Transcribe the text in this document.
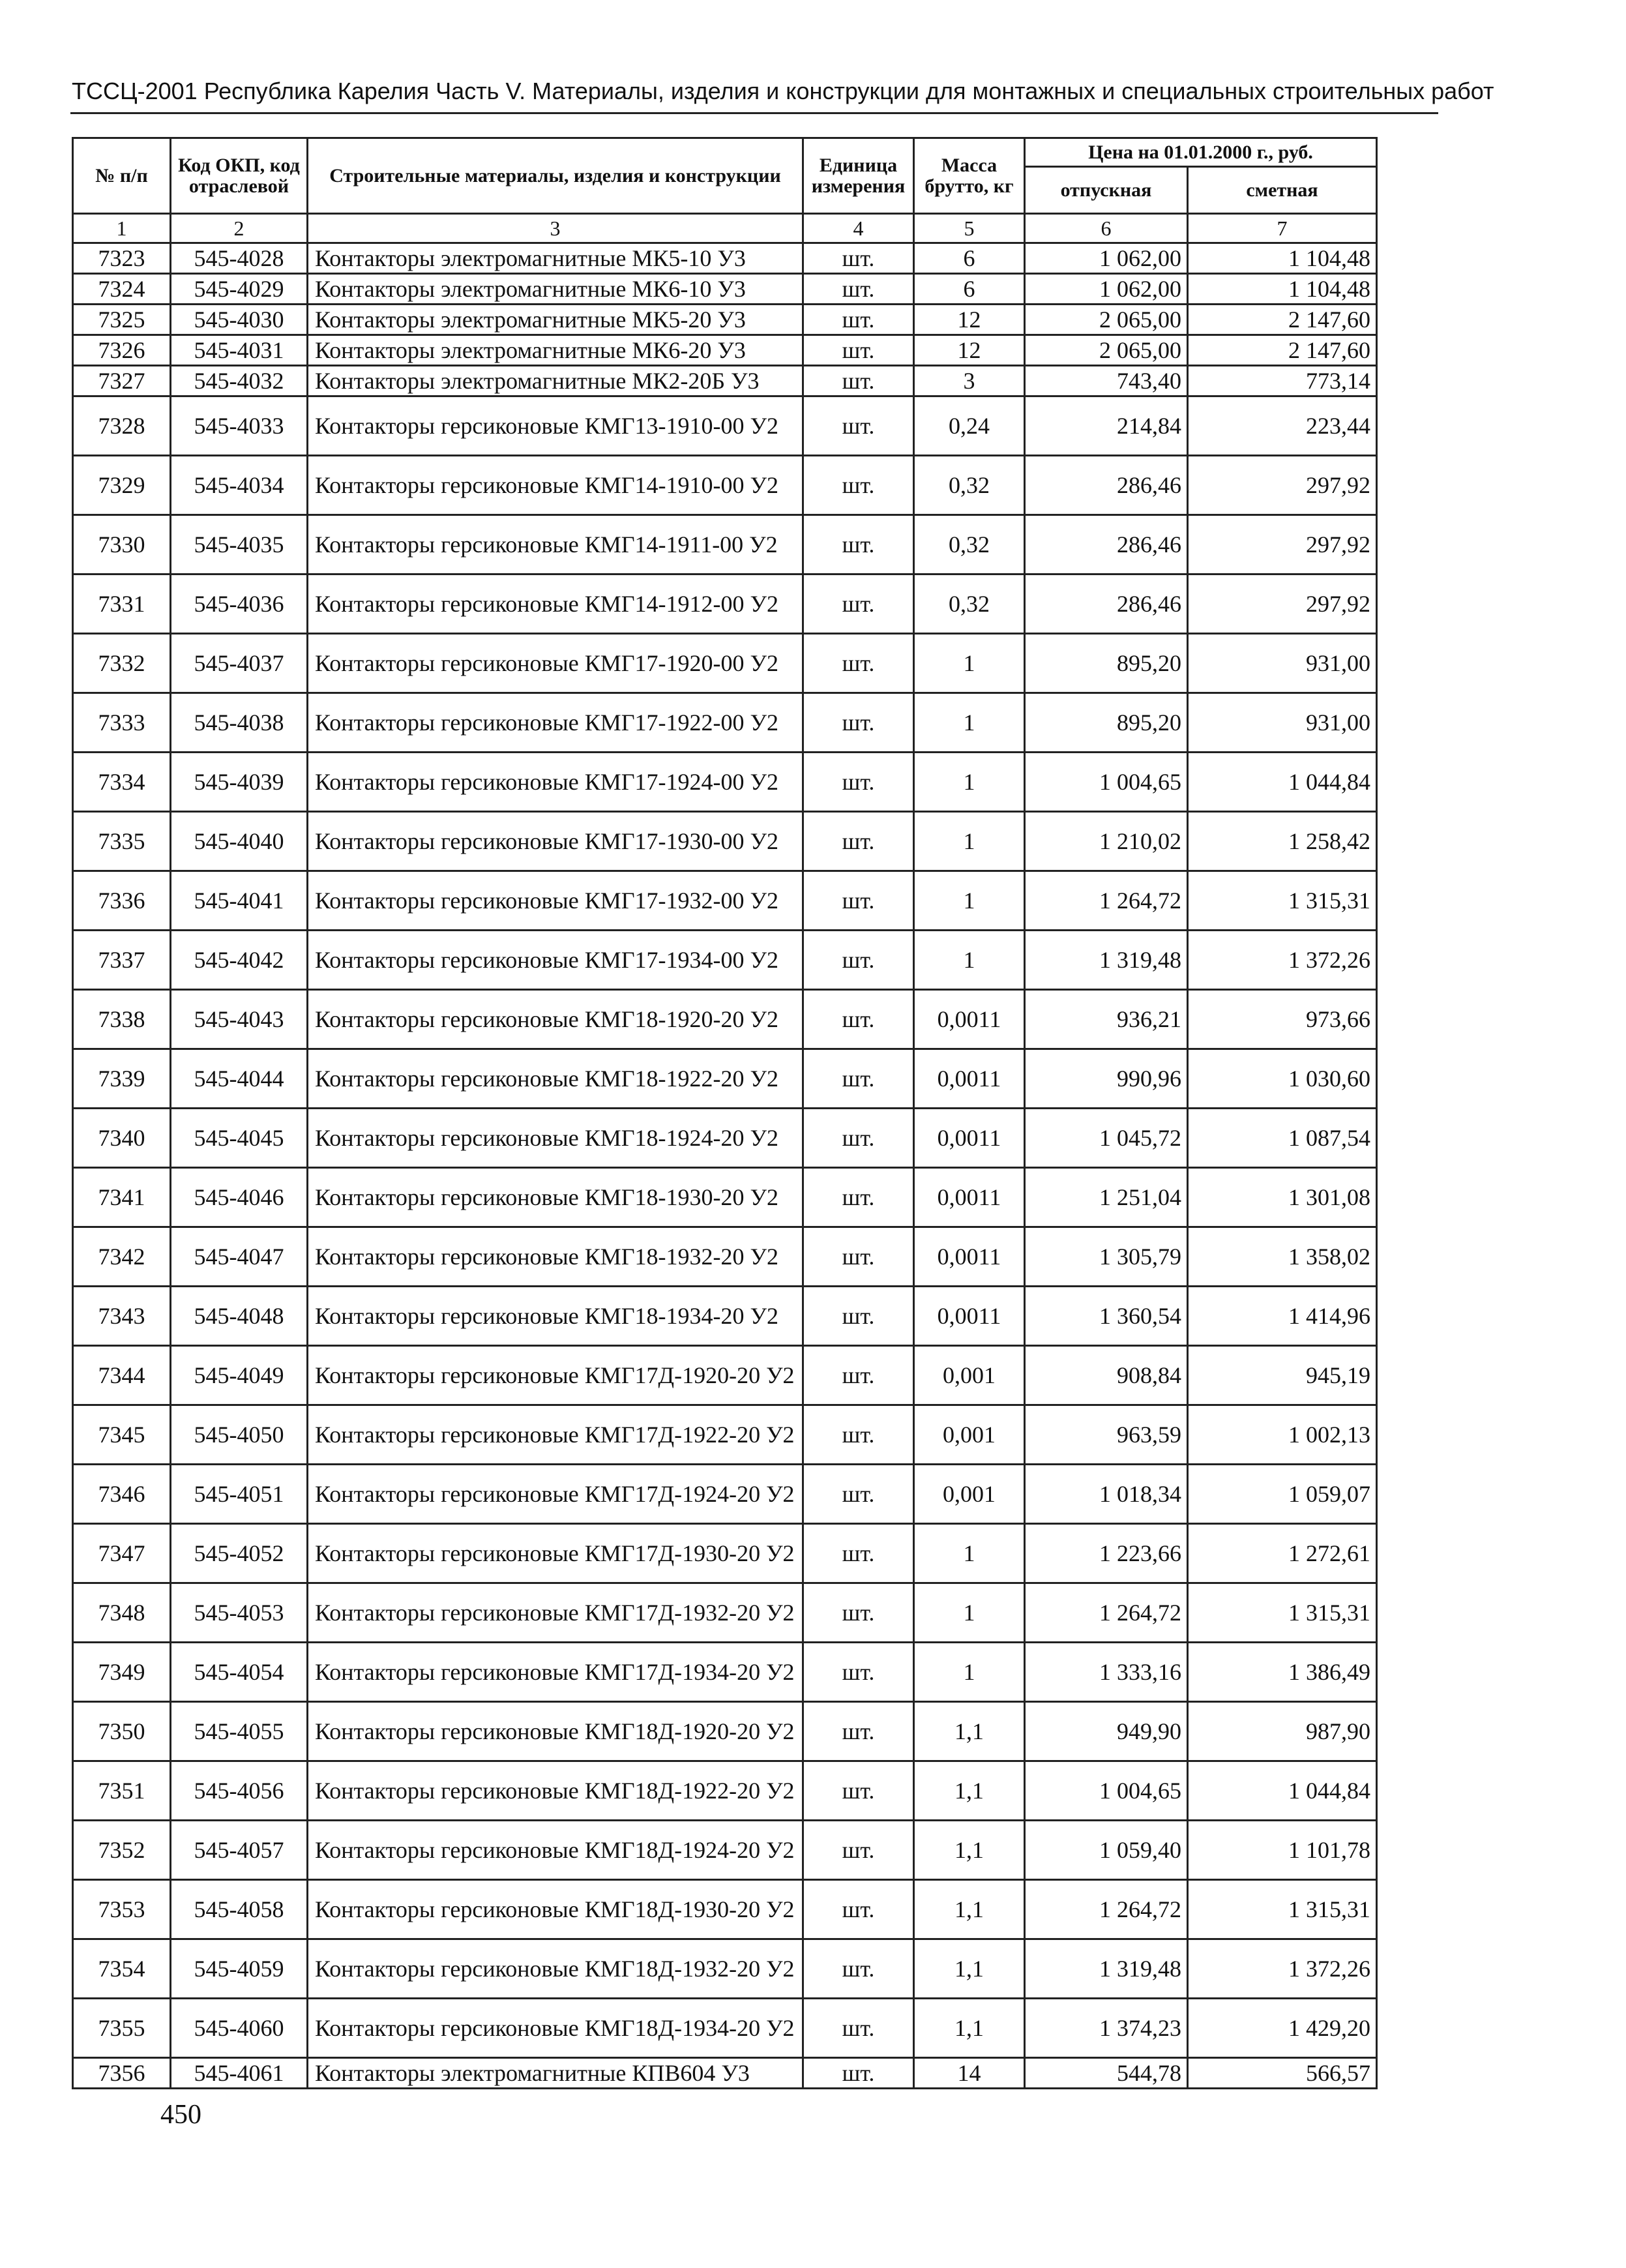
ТССЦ-2001 Республика Карелия Часть V. Материалы, изделия и конструкции для монтажных и специальных строительных работ
№ п/п	Код ОКП, код отраслевой	Строительные материалы, изделия и конструкции	Единица измерения	Масса брутто, кг	Цена на 01.01.2000 г., руб.	
					отпускная	сметная
1	2	3	4	5	6	7
7323	545-4028	Контакторы электромагнитные МК5-10 У3	шт.	6	1 062,00	1 104,48
7324	545-4029	Контакторы электромагнитные МК6-10 У3	шт.	6	1 062,00	1 104,48
7325	545-4030	Контакторы электромагнитные МК5-20 У3	шт.	12	2 065,00	2 147,60
7326	545-4031	Контакторы электромагнитные МК6-20 У3	шт.	12	2 065,00	2 147,60
7327	545-4032	Контакторы электромагнитные МК2-20Б У3	шт.	3	743,40	773,14
7328	545-4033	Контакторы герсиконовые КМГ13-1910-00 У2	шт.	0,24	214,84	223,44
7329	545-4034	Контакторы герсиконовые КМГ14-1910-00 У2	шт.	0,32	286,46	297,92
7330	545-4035	Контакторы герсиконовые КМГ14-1911-00 У2	шт.	0,32	286,46	297,92
7331	545-4036	Контакторы герсиконовые КМГ14-1912-00 У2	шт.	0,32	286,46	297,92
7332	545-4037	Контакторы герсиконовые КМГ17-1920-00 У2	шт.	1	895,20	931,00
7333	545-4038	Контакторы герсиконовые КМГ17-1922-00 У2	шт.	1	895,20	931,00
7334	545-4039	Контакторы герсиконовые КМГ17-1924-00 У2	шт.	1	1 004,65	1 044,84
7335	545-4040	Контакторы герсиконовые КМГ17-1930-00 У2	шт.	1	1 210,02	1 258,42
7336	545-4041	Контакторы герсиконовые КМГ17-1932-00 У2	шт.	1	1 264,72	1 315,31
7337	545-4042	Контакторы герсиконовые КМГ17-1934-00 У2	шт.	1	1 319,48	1 372,26
7338	545-4043	Контакторы герсиконовые КМГ18-1920-20 У2	шт.	0,0011	936,21	973,66
7339	545-4044	Контакторы герсиконовые КМГ18-1922-20 У2	шт.	0,0011	990,96	1 030,60
7340	545-4045	Контакторы герсиконовые КМГ18-1924-20 У2	шт.	0,0011	1 045,72	1 087,54
7341	545-4046	Контакторы герсиконовые КМГ18-1930-20 У2	шт.	0,0011	1 251,04	1 301,08
7342	545-4047	Контакторы герсиконовые КМГ18-1932-20 У2	шт.	0,0011	1 305,79	1 358,02
7343	545-4048	Контакторы герсиконовые КМГ18-1934-20 У2	шт.	0,0011	1 360,54	1 414,96
7344	545-4049	Контакторы герсиконовые КМГ17Д-1920-20 У2	шт.	0,001	908,84	945,19
7345	545-4050	Контакторы герсиконовые КМГ17Д-1922-20 У2	шт.	0,001	963,59	1 002,13
7346	545-4051	Контакторы герсиконовые КМГ17Д-1924-20 У2	шт.	0,001	1 018,34	1 059,07
7347	545-4052	Контакторы герсиконовые КМГ17Д-1930-20 У2	шт.	1	1 223,66	1 272,61
7348	545-4053	Контакторы герсиконовые КМГ17Д-1932-20 У2	шт.	1	1 264,72	1 315,31
7349	545-4054	Контакторы герсиконовые КМГ17Д-1934-20 У2	шт.	1	1 333,16	1 386,49
7350	545-4055	Контакторы герсиконовые КМГ18Д-1920-20 У2	шт.	1,1	949,90	987,90
7351	545-4056	Контакторы герсиконовые КМГ18Д-1922-20 У2	шт.	1,1	1 004,65	1 044,84
7352	545-4057	Контакторы герсиконовые КМГ18Д-1924-20 У2	шт.	1,1	1 059,40	1 101,78
7353	545-4058	Контакторы герсиконовые КМГ18Д-1930-20 У2	шт.	1,1	1 264,72	1 315,31
7354	545-4059	Контакторы герсиконовые КМГ18Д-1932-20 У2	шт.	1,1	1 319,48	1 372,26
7355	545-4060	Контакторы герсиконовые КМГ18Д-1934-20 У2	шт.	1,1	1 374,23	1 429,20
7356	545-4061	Контакторы электромагнитные КПВ604 У3	шт.	14	544,78	566,57
450
